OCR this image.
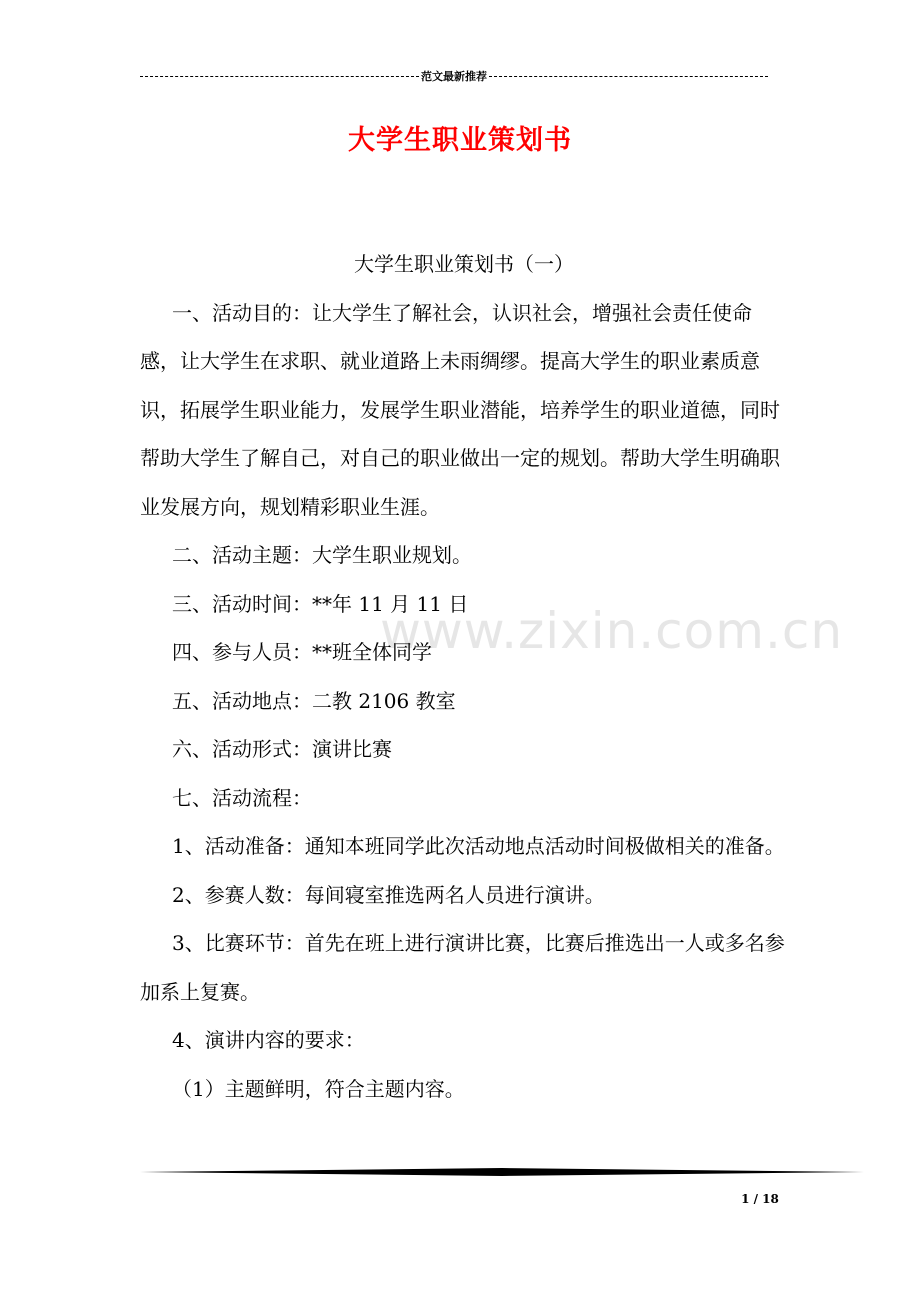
范文最新推荐
大学生职业策划书
www.zixin.com.cn

大学生职业策划书（一）

一、活动目的：让大学生了解社会，认识社会，增强社会责任使命感，让大学生在求职、就业道路上未雨绸缪。提高大学生的职业素质意识，拓展学生职业能力，发展学生职业潜能，培养学生的职业道德，同时帮助大学生了解自己，对自己的职业做出一定的规划。帮助大学生明确职业发展方向，规划精彩职业生涯。

二、活动主题：大学生职业规划。

三、活动时间：**年 11 月 11 日

四、参与人员：**班全体同学

五、活动地点：二教 2106 教室

六、活动形式：演讲比赛

七、活动流程：

1、活动准备：通知本班同学此次活动地点活动时间极做相关的准备。

2、参赛人数：每间寝室推选两名人员进行演讲。

3、比赛环节：首先在班上进行演讲比赛，比赛后推选出一人或多名参加系上复赛。

4、演讲内容的要求：

（1）主题鲜明，符合主题内容。

1 / 18
